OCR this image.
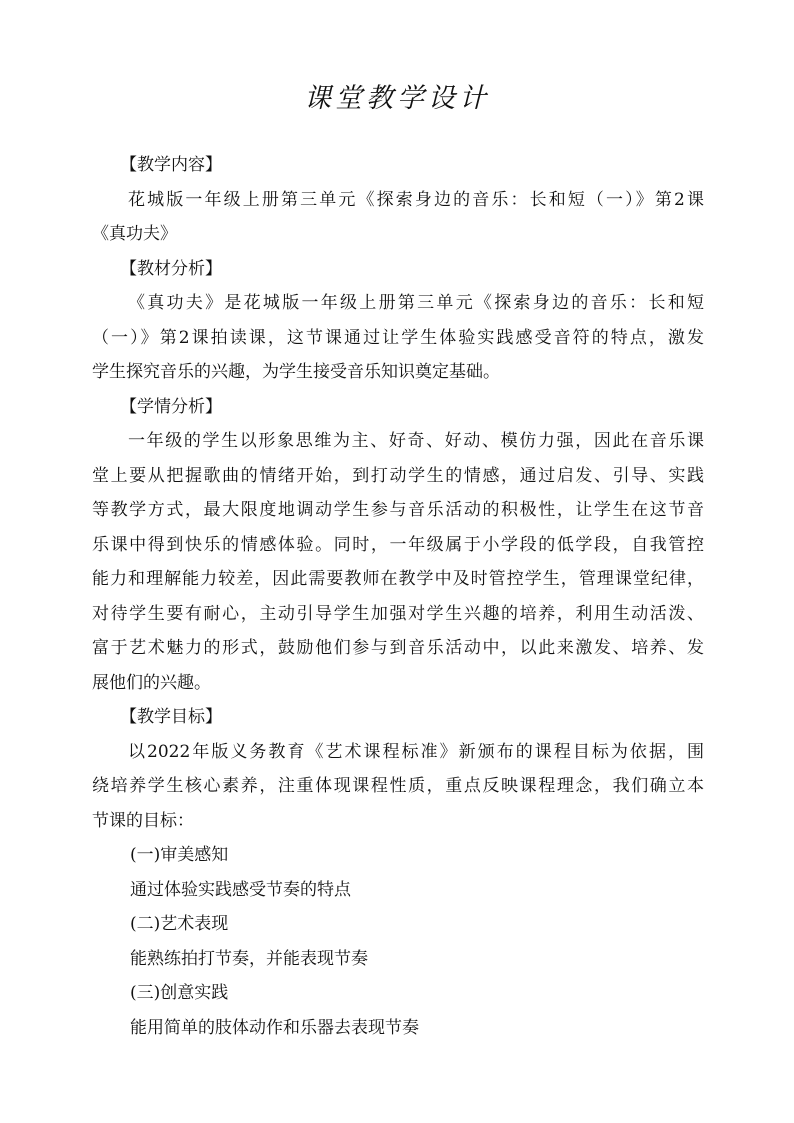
课堂教学设计
【教学内容】
花城版一年级上册第三单元《探索身边的音乐：长和短（一）》第2课
《真功夫》
【教材分析】
《真功夫》是花城版一年级上册第三单元《探索身边的音乐：长和短
（一）》第2课拍读课，这节课通过让学生体验实践感受音符的特点，激发
学生探究音乐的兴趣，为学生接受音乐知识奠定基础。
【学情分析】
一年级的学生以形象思维为主、好奇、好动、模仿力强，因此在音乐课
堂上要从把握歌曲的情绪开始，到打动学生的情感，通过启发、引导、实践
等教学方式，最大限度地调动学生参与音乐活动的积极性，让学生在这节音
乐课中得到快乐的情感体验。同时，一年级属于小学段的低学段，自我管控
能力和理解能力较差，因此需要教师在教学中及时管控学生，管理课堂纪律，
对待学生要有耐心，主动引导学生加强对学生兴趣的培养，利用生动活泼、
富于艺术魅力的形式，鼓励他们参与到音乐活动中，以此来激发、培养、发
展他们的兴趣。
【教学目标】
以2022年版义务教育《艺术课程标准》新颁布的课程目标为依据，围
绕培养学生核心素养，注重体现课程性质，重点反映课程理念，我们确立本
节课的目标：
(一)审美感知
通过体验实践感受节奏的特点
(二)艺术表现
能熟练拍打节奏，并能表现节奏
(三)创意实践
能用简单的肢体动作和乐器去表现节奏
